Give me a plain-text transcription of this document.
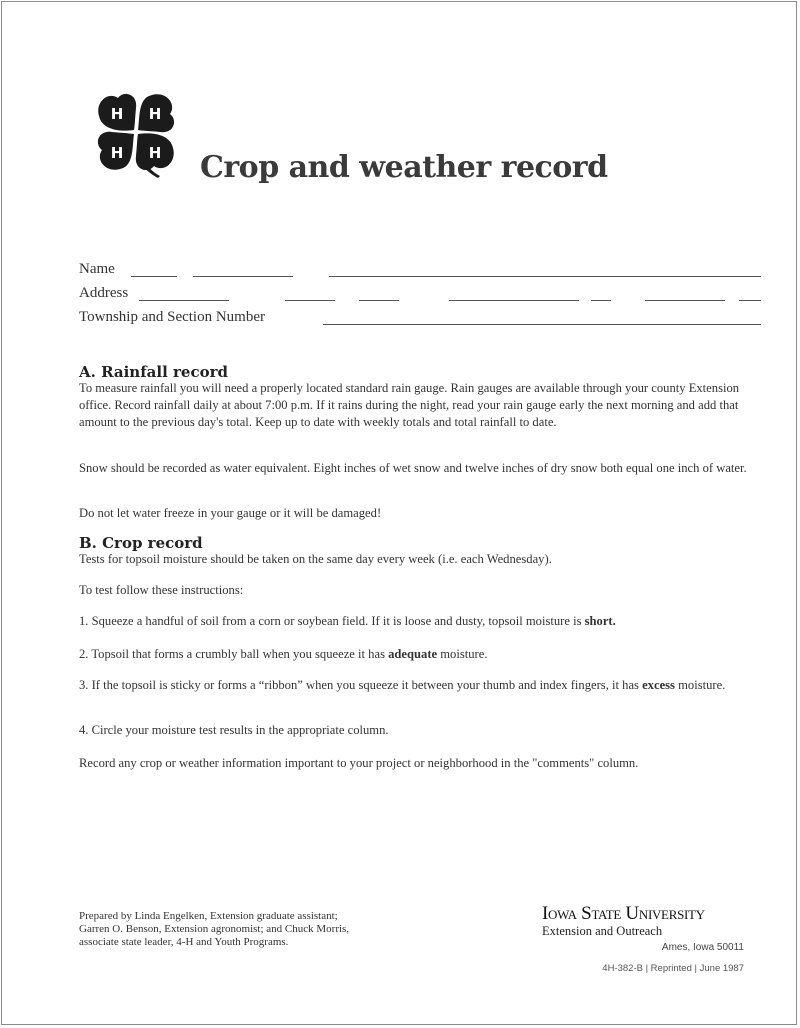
H H
H H Crop and weather record
Name
Address
Township and Section Number
A. Rainfall record

To measure rainfall you will need a properly located standard rain gauge. Rain gauges are available through your county Extension office. Record rainfall daily at about 7:00 p.m. If it rains during the night, read your rain gauge early the next morning and add that amount to the previous day's total. Keep up to date with weekly totals and total rainfall to date.

Snow should be recorded as water equivalent. Eight inches of wet snow and twelve inches of dry snow both equal one inch of water.

Do not let water freeze in your gauge or it will be damaged!

B. Crop record

Tests for topsoil moisture should be taken on the same day every week (i.e. each Wednesday).

To test follow these instructions:

1. Squeeze a handful of soil from a corn or soybean field. If it is loose and dusty, topsoil moisture is short.

2. Topsoil that forms a crumbly ball when you squeeze it has adequate moisture.

3. If the topsoil is sticky or forms a “ribbon” when you squeeze it between your thumb and index fingers, it has excess moisture.

4. Circle your moisture test results in the appropriate column.

Record any crop or weather information important to your project or neighborhood in the "comments" column.

Prepared by Linda Engelken, Extension graduate assistant; Garren O. Benson, Extension agronomist; and Chuck Morris, associate state leader, 4-H and Youth Programs.

Iowa State University
Extension and Outreach
Ames, Iowa 50011
4H-382-B | Reprinted | June 1987
